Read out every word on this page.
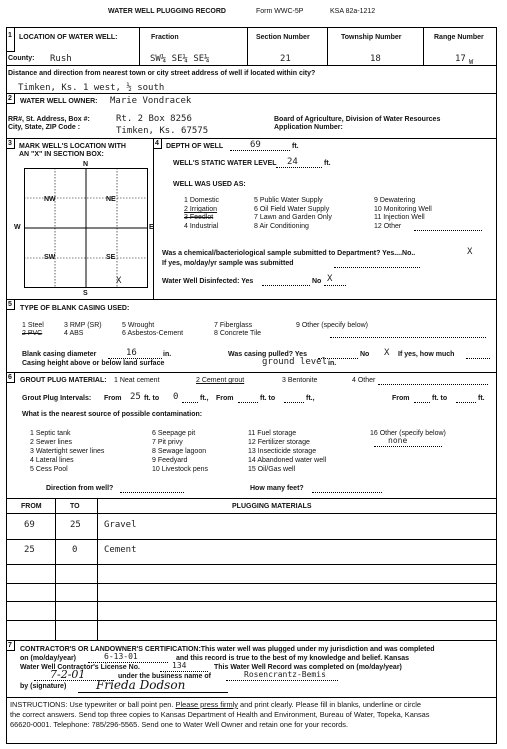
WATER WELL PLUGGING RECORD	Form WWC-5P	KSA 82a-1212
1	LOCATION OF WATER WELL:	Fraction	Section Number	Township Number	Range Number
County: Rush	SW¼ SE¼ SE¼	21	18	17 W
Distance and direction from nearest town or city street address of well if located within city?
Timken, Ks. 1 west, ½ south
2	WATER WELL OWNER: Marie Vondracek
RR#, St. Address, Box #:	Rt. 2 Box 8256
City, State, ZIP Code :	Timken, Ks. 67575
Board of Agriculture, Division of Water Resources
Application Number:
3	MARK WELL'S LOCATION WITH
AN "X" IN SECTION BOX:
N
S
W	E
NW	NE
SW	SE
X
4	DEPTH OF WELL	69	ft.
WELL'S STATIC WATER LEVEL 24	ft.
WELL WAS USED AS:
1 Domestic	5 Public Water Supply	9 Dewatering
2 Irrigation	6 Oil Field Water Supply	10 Monitoring Well
3 Feedlot	7 Lawn and Garden Only	11 Injection Well
4 Industrial	8 Air Conditioning	12 Other
Was a chemical/bacteriological sample submitted to Department? Yes....No..	X
If yes, mo/day/yr sample was submitted
Water Well Disinfected: Yes	No X
5
TYPE OF BLANK CASING USED:
1 Steel	3 RMP (SR)	5 Wrought	7 Fiberglass	9 Other (specify below)
2 PVC	4 ABS	6 Asbestos-Cement	8 Concrete Tile
Blank casing diameter	16	in.	Was casing pulled? Yes	No X If yes, how much
Casing height above or below land surface	ground level in.
6	GROUT PLUG MATERIAL: 1 Neat cement	2 Cement grout	3 Bentonite	4 Other
Grout Plug Intervals: From 25 ft. to 0	ft., From	ft. to	ft.,	From	ft. to	ft.
What is the nearest source of possible contamination:
1 Septic tank	6 Seepage pit	11 Fuel storage	16 Other (specify below)
2 Sewer lines	7 Pit privy	12 Fertilizer storage	none
3 Watertight sewer lines	8 Sewage lagoon	13 Insecticide storage
4 Lateral lines	9 Feedyard	14 Abandoned water well
5 Cess Pool	10 Livestock pens	15 Oil/Gas well
Direction from well?	How many feet?
FROM	TO	PLUGGING MATERIALS
69	25	Gravel
25	0	Cement
7
CONTRACTOR'S OR LANDOWNER'S CERTIFICATION:This water well was plugged under my jurisdiction and was completed
on (mo/day/year)	6-13-01	and this record is true to the best of my knowledge and belief. Kansas
Water Well Contractor's License No.	134	This Water Well Record was completed on (mo/day/year)
7-2-01	under the business name of	Rosencrantz-Bemis
by (signature) Frieda Dodson
INSTRUCTIONS: Use typewriter or ball point pen. Please press firmly and print clearly. Please fill in blanks, underline or circle
the correct answers. Send top three copies to Kansas Department of Health and Environment, Bureau of Water, Topeka, Kansas
66620-0001. Telephone: 785/296-5565. Send one to Water Well Owner and retain one for your records.
